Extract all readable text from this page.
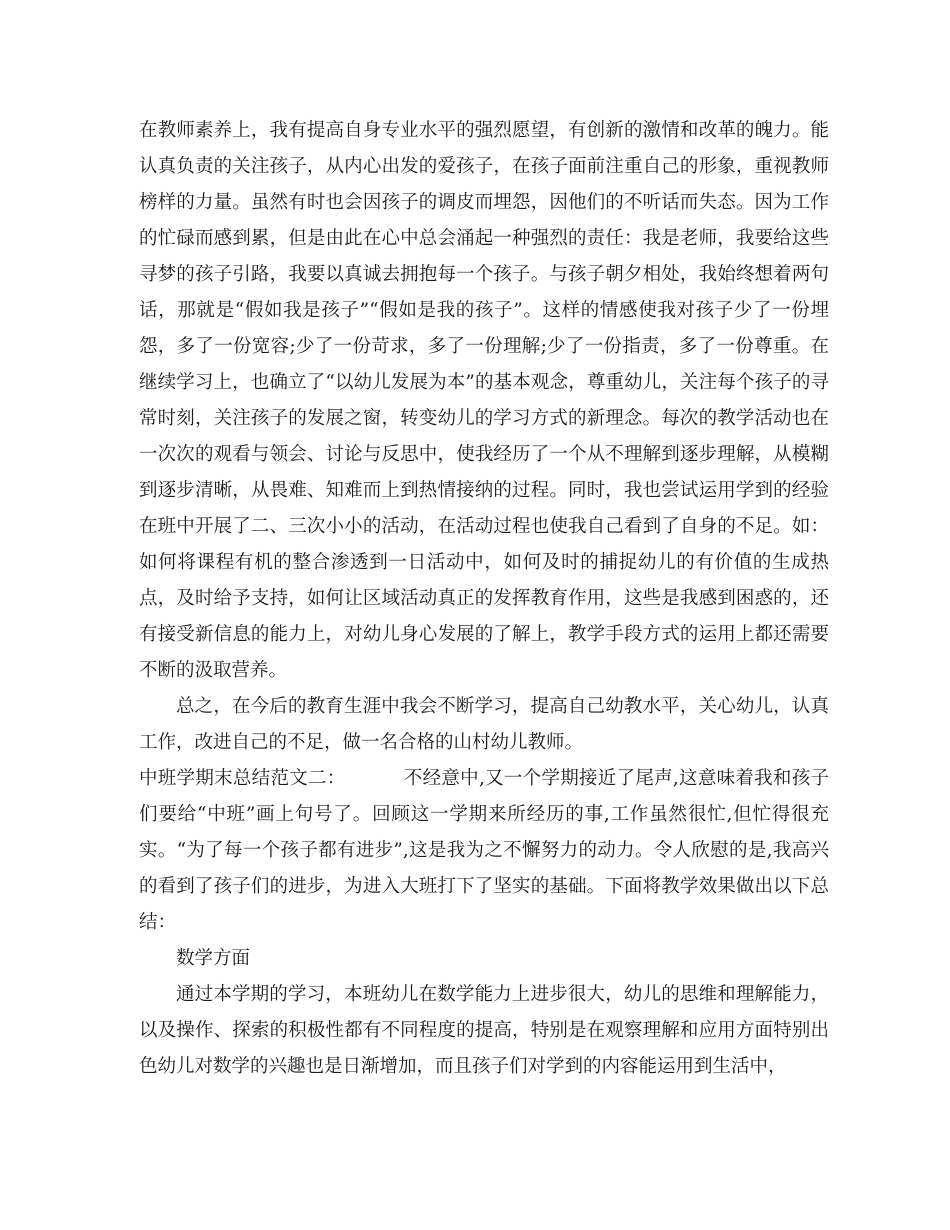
在教师素养上，我有提高自身专业水平的强烈愿望，有创新的激情和改革的魄力。能认真负责的关注孩子，从内心出发的爱孩子，在孩子面前注重自己的形象，重视教师榜样的力量。虽然有时也会因孩子的调皮而埋怨，因他们的不听话而失态。因为工作的忙碌而感到累，但是由此在心中总会涌起一种强烈的责任：我是老师，我要给这些寻梦的孩子引路，我要以真诚去拥抱每一个孩子。与孩子朝夕相处，我始终想着两句话，那就是“假如我是孩子”“假如是我的孩子”。这样的情感使我对孩子少了一份埋怨，多了一份宽容;少了一份苛求，多了一份理解;少了一份指责，多了一份尊重。在继续学习上，也确立了“以幼儿发展为本”的基本观念，尊重幼儿，关注每个孩子的寻常时刻，关注孩子的发展之窗，转变幼儿的学习方式的新理念。每次的教学活动也在一次次的观看与领会、讨论与反思中，使我经历了一个从不理解到逐步理解，从模糊到逐步清晰，从畏难、知难而上到热情接纳的过程。同时，我也尝试运用学到的经验在班中开展了二、三次小小的活动，在活动过程也使我自己看到了自身的不足。如：如何将课程有机的整合渗透到一日活动中，如何及时的捕捉幼儿的有价值的生成热点，及时给予支持，如何让区域活动真正的发挥教育作用，这些是我感到困惑的，还有接受新信息的能力上，对幼儿身心发展的了解上，教学手段方式的运用上都还需要不断的汲取营养。

总之，在今后的教育生涯中我会不断学习，提高自己幼教水平，关心幼儿，认真工作，改进自己的不足，做一名合格的山村幼儿教师。

中班学期末总结范文二：	不经意中,又一个学期接近了尾声,这意味着我和孩子们要给“中班”画上句号了。回顾这一学期来所经历的事,工作虽然很忙,但忙得很充实。“为了每一个孩子都有进步”,这是我为之不懈努力的动力。令人欣慰的是,我高兴的看到了孩子们的进步，为进入大班打下了坚实的基础。下面将教学效果做出以下总结：

数学方面

通过本学期的学习，本班幼儿在数学能力上进步很大，幼儿的思维和理解能力，以及操作、探索的积极性都有不同程度的提高，特别是在观察理解和应用方面特别出色幼儿对数学的兴趣也是日渐增加，而且孩子们对学到的内容能运用到生活中，
